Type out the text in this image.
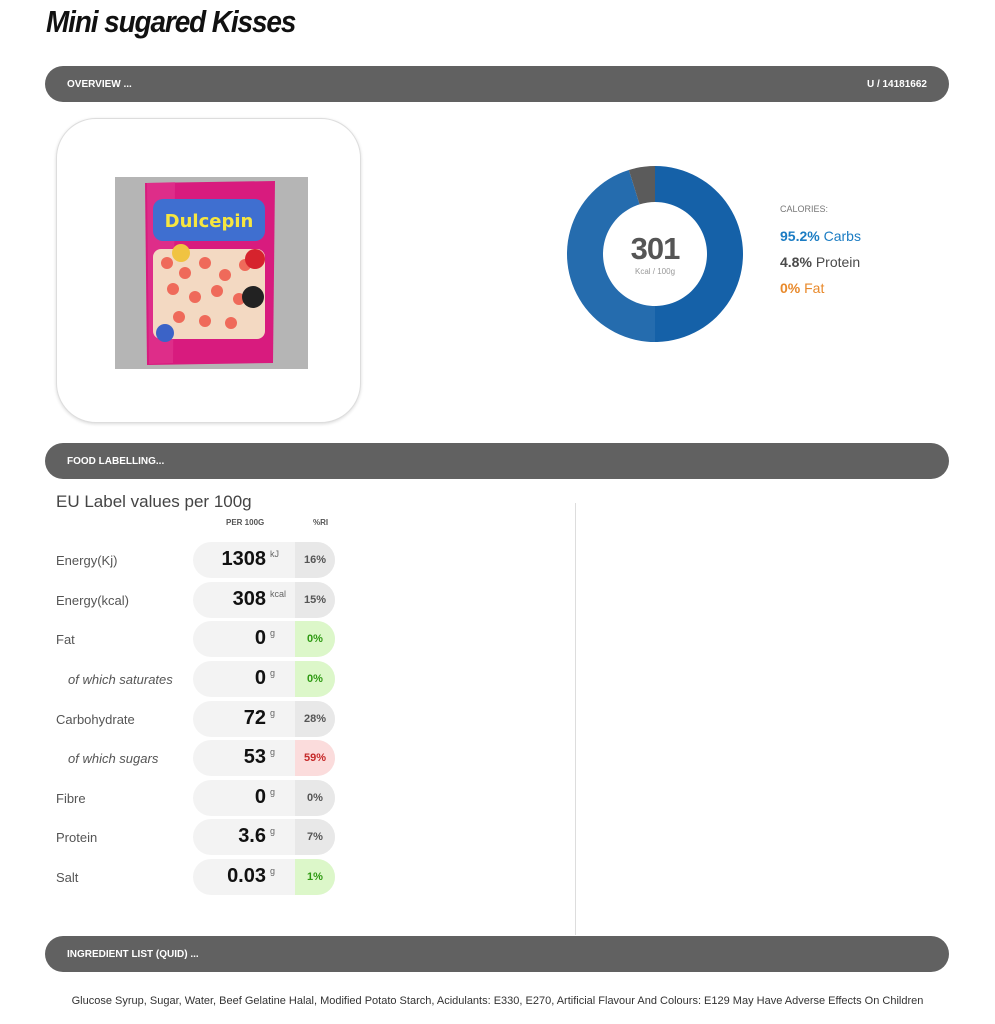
Mini sugared Kisses
OVERVIEW ...	U / 14181662
Dulcepin
301
Kcal / 100g
CALORIES:
95.2% Carbs
4.8% Protein
0% Fat
FOOD LABELLING...
EU Label values per 100g
PER 100G	%RI
Energy(Kj)	1308 kJ	16%
Energy(kcal)	308 kcal	15%
Fat	0 g	0%
of which saturates	0 g	0%
Carbohydrate	72 g	28%
of which sugars	53 g	59%
Fibre	0 g	0%
Protein	3.6 g	7%
Salt	0.03 g	1%
INGREDIENT LIST (QUID) ...
Glucose Syrup, Sugar, Water, Beef Gelatine Halal, Modified Potato Starch, Acidulants: E330, E270, Artificial Flavour And Colours: E129 May Have Adverse Effects On Children
